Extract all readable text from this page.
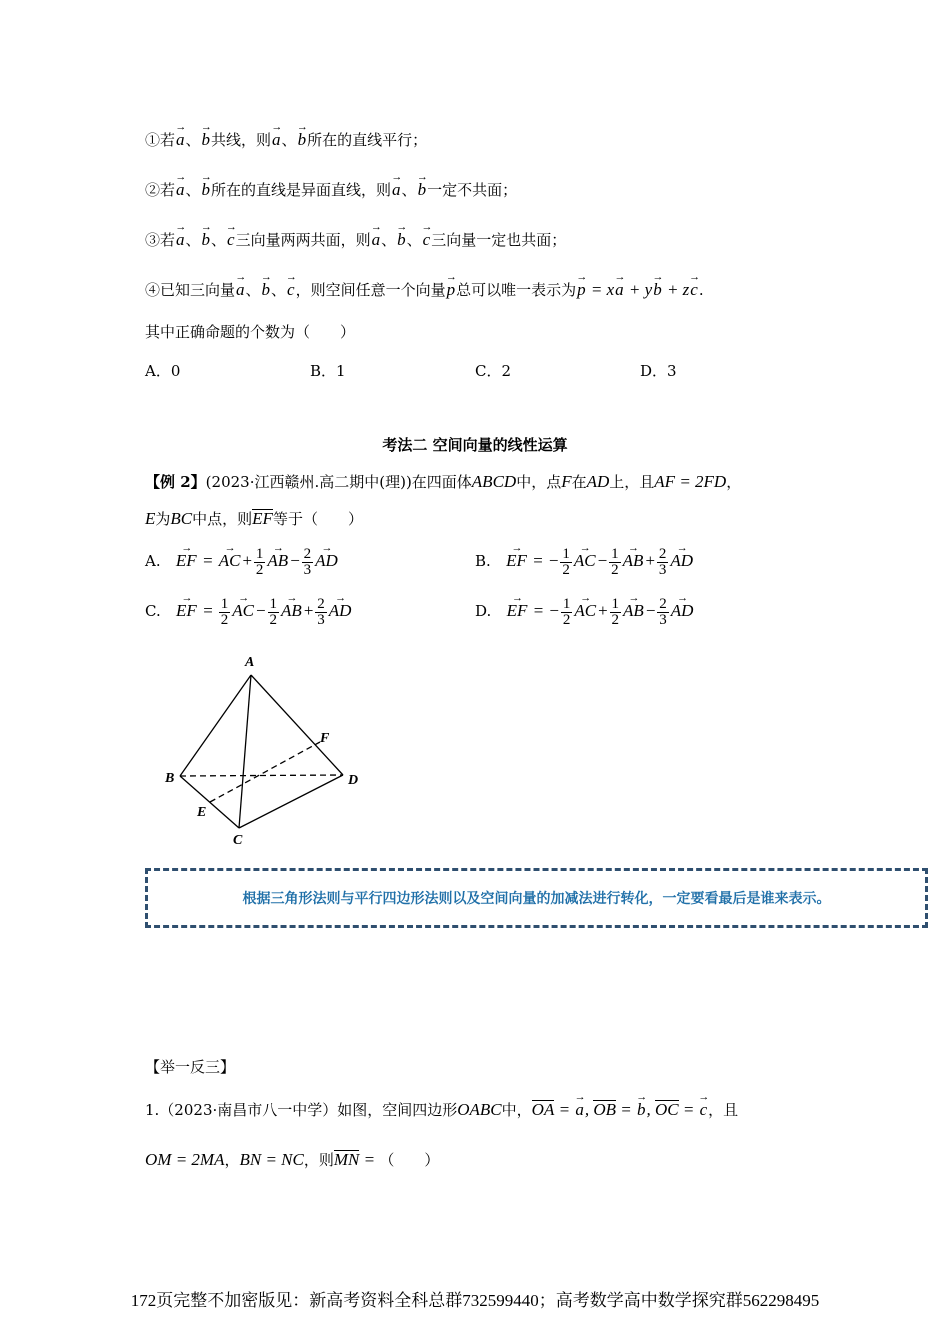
①若→ a、→ b共线，则→ a、→ b所在的直线平行；
②若→ a、→ b所在的直线是异面直线，则→ a、→ b一定不共面；
③若→ a、→ b、→ c三向量两两共面，则→ a、→ b、→ c三向量一定也共面；
④已知三向量→ a、→ b、→ c，则空间任意一个向量→ p总可以唯一表示为→ p = x→ a + y→ b + z→ c.
其中正确命题的个数为（　　）
A．0	B．1	C．2	D．3
考法二 空间向量的线性运算
【例 2】(2023·江西赣州.高二期中(理))在四面体ABCD中，点F在AD上，且AF = 2FD，
E为BC中点，则EF等于（　　）
A.   → EF = → $AC+ \frac{1}{2}$
→ $AB- \frac{2}{3}$
→ AD	B.   → EF = − $\frac{1}{2}$
→ $AC- \frac{1}{2}$
→ $AB+ \frac{2}{3}$
→ AD
C.   → EF = $\frac{1}{2}$
→ $AC- \frac{1}{2}$
→ $AB+ \frac{2}{3}$
→ AD	D.   → EF = − $\frac{1}{2}$
→ $AC+ \frac{1}{2}$
→ $AB- \frac{2}{3}$
→ AD
A
B
C
D
E
F
根据三角形法则与平行四边形法则以及空间向量的加减法进行转化，一定要看最后是谁来表示。
【举一反三】
1.（2023·南昌市八一中学）如图，空间四边形OABC中，OA = → a, OB = → b, OC = → c，且
OM = 2MA，BN = NC，则MN = （　　）
172页完整不加密版见：新高考资料全科总群732599440；高考数学高中数学探究群562298495
